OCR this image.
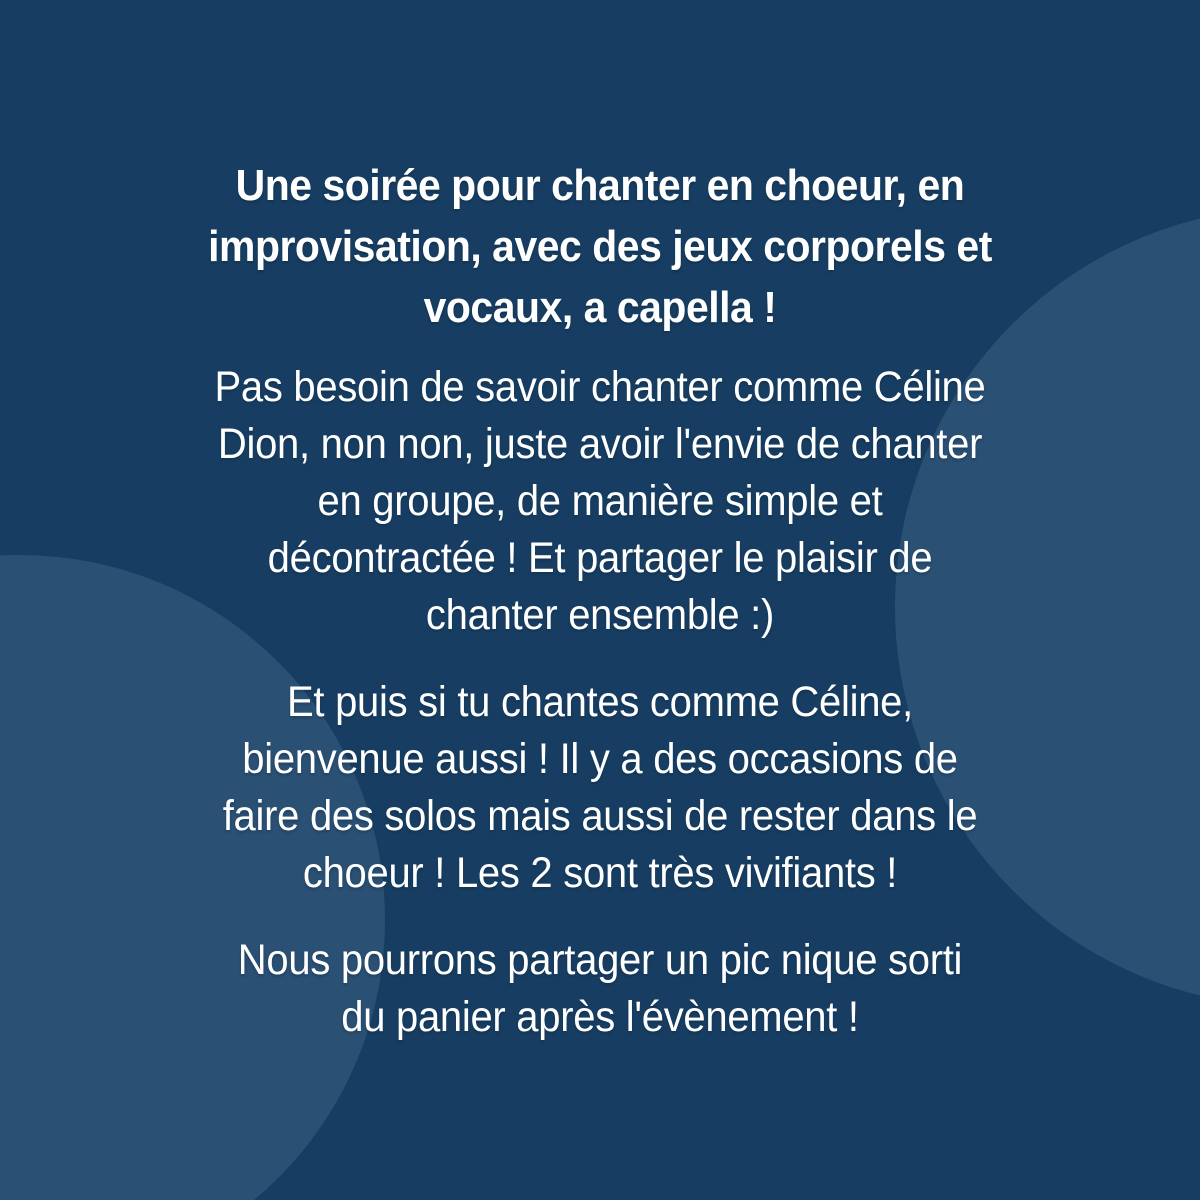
Une soirée pour chanter en choeur, en
improvisation, avec des jeux corporels et
vocaux, a capella !

Pas besoin de savoir chanter comme Céline
Dion, non non, juste avoir l'envie de chanter
en groupe, de manière simple et
décontractée ! Et partager le plaisir de
chanter ensemble :)

Et puis si tu chantes comme Céline,
bienvenue aussi ! Il y a des occasions de
faire des solos mais aussi de rester dans le
choeur ! Les 2 sont très vivifiants !

Nous pourrons partager un pic nique sorti
du panier après l'évènement !
